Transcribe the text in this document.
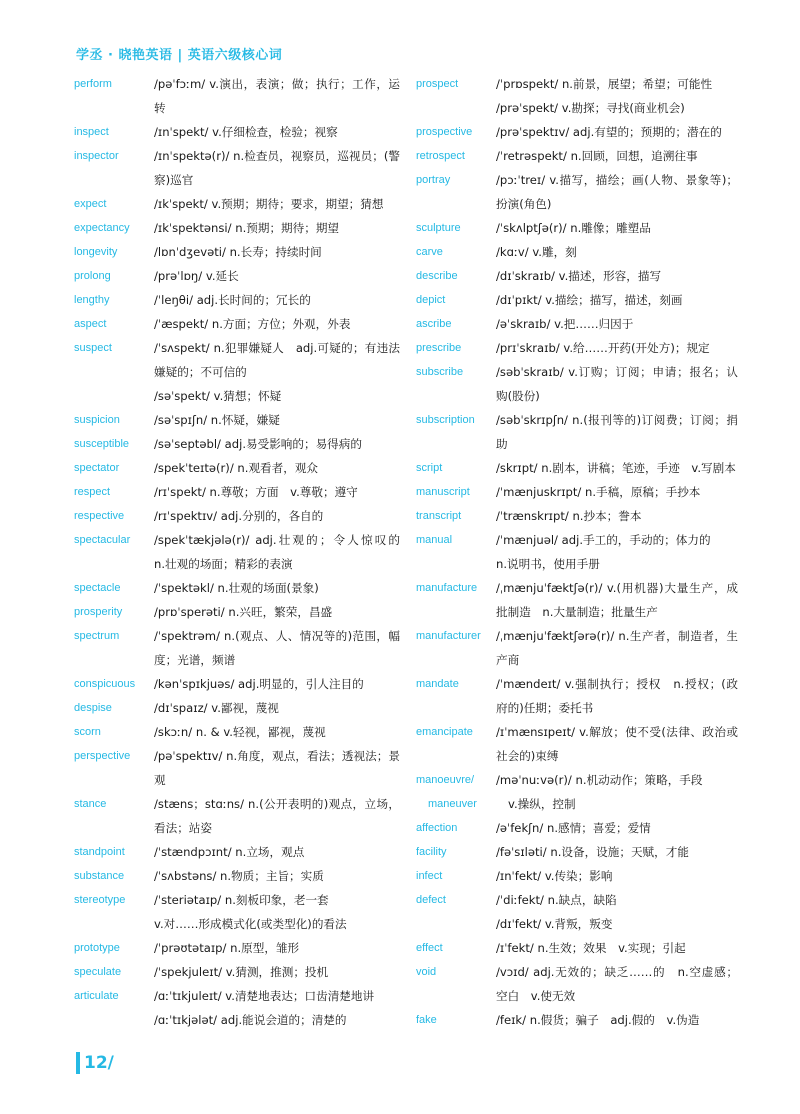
学丞 · 晓艳英语 | 英语六级核心词
perform	/pəˈfɔːm/ v.演出，表演；做；执行；工作，运转
inspect	/ɪnˈspekt/ v.仔细检查，检验；视察
inspector	/ɪnˈspektə(r)/ n.检查员，视察员，巡视员；(警察)巡官
expect	/ɪkˈspekt/ v.预期；期待；要求，期望；猜想
expectancy	/ɪkˈspektənsi/ n.预期；期待；期望
longevity	/lɒnˈdʒevəti/ n.长寿；持续时间
prolong	/prəˈlɒŋ/ v.延长
lengthy	/ˈleŋθi/ adj.长时间的；冗长的
aspect	/ˈæspekt/ n.方面；方位；外观，外表
suspect	/ˈsʌspekt/ n.犯罪嫌疑人　adj.可疑的；有违法嫌疑的；不可信的
/səˈspekt/ v.猜想；怀疑
suspicion	/səˈspɪʃn/ n.怀疑，嫌疑
susceptible	/səˈseptəbl/ adj.易受影响的；易得病的
spectator	/spekˈteɪtə(r)/ n.观看者，观众
respect	/rɪˈspekt/ n.尊敬；方面　v.尊敬；遵守
respective	/rɪˈspektɪv/ adj.分别的，各自的
spectacular	/spekˈtækjələ(r)/ adj.壮观的；令人惊叹的　n.壮观的场面；精彩的表演
spectacle	/ˈspektəkl/ n.壮观的场面(景象)
prosperity	/prɒˈsperəti/ n.兴旺，繁荣，昌盛
spectrum	/ˈspektrəm/ n.(观点、人、情况等的)范围，幅度；光谱，频谱
conspicuous	/kənˈspɪkjuəs/ adj.明显的，引人注目的
despise	/dɪˈspaɪz/ v.鄙视，蔑视
scorn	/skɔːn/ n. & v.轻视，鄙视，蔑视
perspective	/pəˈspektɪv/ n.角度，观点，看法；透视法；景观
stance	/stæns；stɑːns/ n.(公开表明的)观点，立场，看法；站姿
standpoint	/ˈstændpɔɪnt/ n.立场，观点
substance	/ˈsʌbstəns/ n.物质；主旨；实质
stereotype	/ˈsteriətaɪp/ n.刻板印象，老一套
v.对……形成模式化(或类型化)的看法
prototype	/ˈprəʊtətaɪp/ n.原型，雏形
speculate	/ˈspekjuleɪt/ v.猜测，推测；投机
articulate	/ɑːˈtɪkjuleɪt/ v.清楚地表达；口齿清楚地讲
/ɑːˈtɪkjələt/ adj.能说会道的；清楚的
prospect	/ˈprɒspekt/ n.前景，展望；希望；可能性
/prəˈspekt/ v.勘探；寻找(商业机会)
prospective	/prəˈspektɪv/ adj.有望的；预期的；潜在的
retrospect	/ˈretrəspekt/ n.回顾，回想，追溯往事
portray	/pɔːˈtreɪ/ v.描写，描绘；画(人物、景象等)；扮演(角色)
sculpture	/ˈskʌlptʃə(r)/ n.雕像；雕塑品
carve	/kɑːv/ v.雕，刻
describe	/dɪˈskraɪb/ v.描述，形容，描写
depict	/dɪˈpɪkt/ v.描绘；描写，描述，刻画
ascribe	/əˈskraɪb/ v.把……归因于
prescribe	/prɪˈskraɪb/ v.给……开药(开处方)；规定
subscribe	/səbˈskraɪb/ v.订购；订阅；申请；报名；认购(股份)
subscription	/səbˈskrɪpʃn/ n.(报刊等的)订阅费；订阅；捐助
script	/skrɪpt/ n.剧本，讲稿；笔迹，手迹　v.写剧本
manuscript	/ˈmænjuskrɪpt/ n.手稿，原稿；手抄本
transcript	/ˈtrænskrɪpt/ n.抄本；誊本
manual	/ˈmænjuəl/ adj.手工的，手动的；体力的
n.说明书，使用手册
manufacture	/ˌmænjuˈfæktʃə(r)/ v.(用机器)大量生产，成批制造　n.大量制造；批量生产
manufacturer	/ˌmænjuˈfæktʃərə(r)/ n.生产者，制造者，生产商
mandate	/ˈmændeɪt/ v.强制执行；授权　n.授权；(政府的)任期；委托书
emancipate	/ɪˈmænsɪpeɪt/ v.解放；使不受(法律、政治或社会的)束缚
manoeuvre/	/məˈnuːvə(r)/ n.机动动作；策略，手段
maneuver	v.操纵，控制
affection	/əˈfekʃn/ n.感情；喜爱；爱情
facility	/fəˈsɪləti/ n.设备，设施；天赋，才能
infect	/ɪnˈfekt/ v.传染；影响
defect	/ˈdiːfekt/ n.缺点，缺陷
/dɪˈfekt/ v.背叛，叛变
effect	/ɪˈfekt/ n.生效；效果　v.实现；引起
void	/vɔɪd/ adj.无效的；缺乏……的　n.空虚感；空白　v.使无效
fake	/feɪk/ n.假货；骗子　adj.假的　v.伪造
12/
